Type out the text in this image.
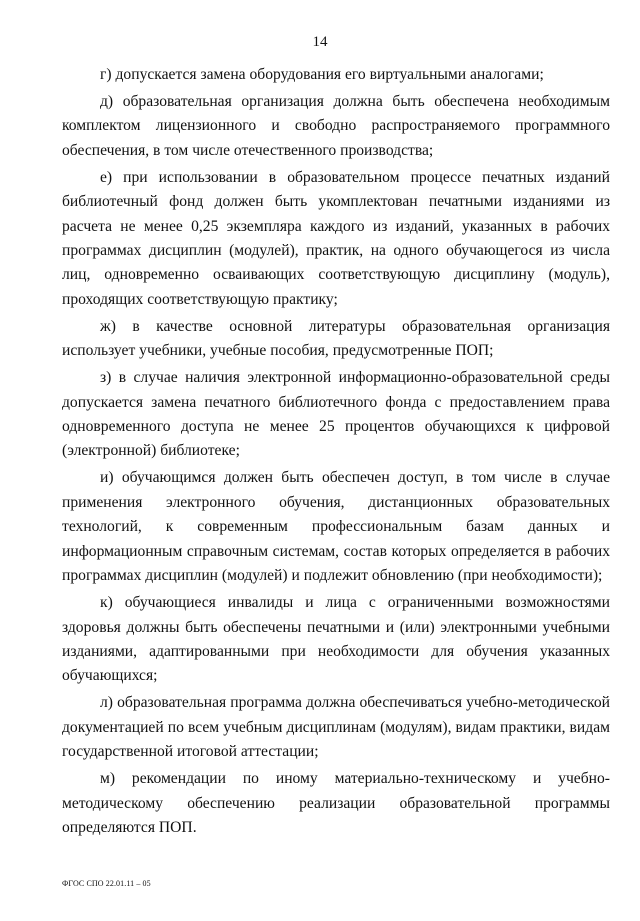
14

г) допускается замена оборудования его виртуальными аналогами;

д) образовательная организация должна быть обеспечена необходимым комплектом лицензионного и свободно распространяемого программного обеспечения, в том числе отечественного производства;

е) при использовании в образовательном процессе печатных изданий библиотечный фонд должен быть укомплектован печатными изданиями из расчета не менее 0,25 экземпляра каждого из изданий, указанных в рабочих программах дисциплин (модулей), практик, на одного обучающегося из числа лиц, одновременно осваивающих соответствующую дисциплину (модуль), проходящих соответствующую практику;

ж) в качестве основной литературы образовательная организация использует учебники, учебные пособия, предусмотренные ПОП;

з) в случае наличия электронной информационно-образовательной среды допускается замена печатного библиотечного фонда с предоставлением права одновременного доступа не менее 25 процентов обучающихся к цифровой (электронной) библиотеке;

и) обучающимся должен быть обеспечен доступ, в том числе в случае применения электронного обучения, дистанционных образовательных технологий, к современным профессиональным базам данных и информационным справочным системам, состав которых определяется в рабочих программах дисциплин (модулей) и подлежит обновлению (при необходимости);

к) обучающиеся инвалиды и лица с ограниченными возможностями здоровья должны быть обеспечены печатными и (или) электронными учебными изданиями, адаптированными при необходимости для обучения указанных обучающихся;

л) образовательная программа должна обеспечиваться учебно-методической документацией по всем учебным дисциплинам (модулям), видам практики, видам государственной итоговой аттестации;

м) рекомендации по иному материально-техническому и учебно-методическому обеспечению реализации образовательной программы определяются ПОП.

ФГОС СПО 22.01.11 – 05
